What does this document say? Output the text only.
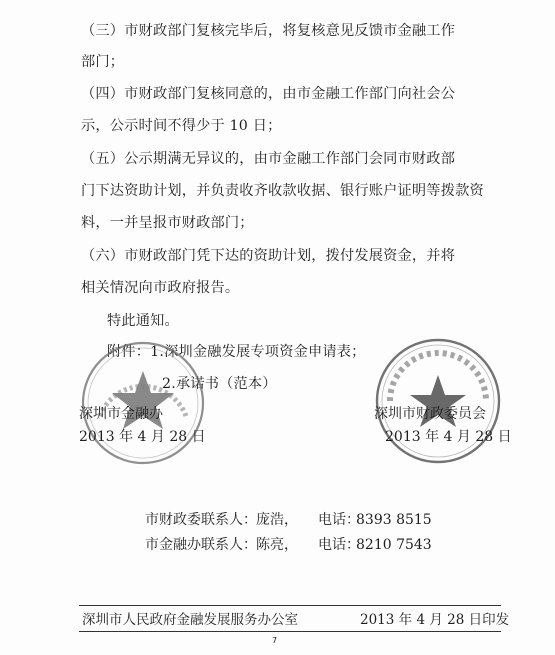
（三）市财政部门复核完毕后，将复核意见反馈市金融工作
部门；
（四）市财政部门复核同意的，由市金融工作部门向社会公
示，公示时间不得少于 10 日；
（五）公示期满无异议的，由市金融工作部门会同市财政部
门下达资助计划，并负责收齐收款收据、银行账户证明等拨款资
料，一并呈报市财政部门；
（六）市财政部门凭下达的资助计划，拨付发展资金，并将
相关情况向市政府报告。
特此通知。
附件：1.深圳金融发展专项资金申请表；
2.承诺书（范本）
深圳市金融办
2013 年 4 月 28 日
深圳市财政委员会
2013 年 4 月 28 日
市财政委联系人： 庞浩， 电话：
8393 8515
市金融办联系人： 陈亮， 电话：
8210 7543
深圳市人民政府金融发展服务办公室	2013 年 4 月 28 日印发
7
